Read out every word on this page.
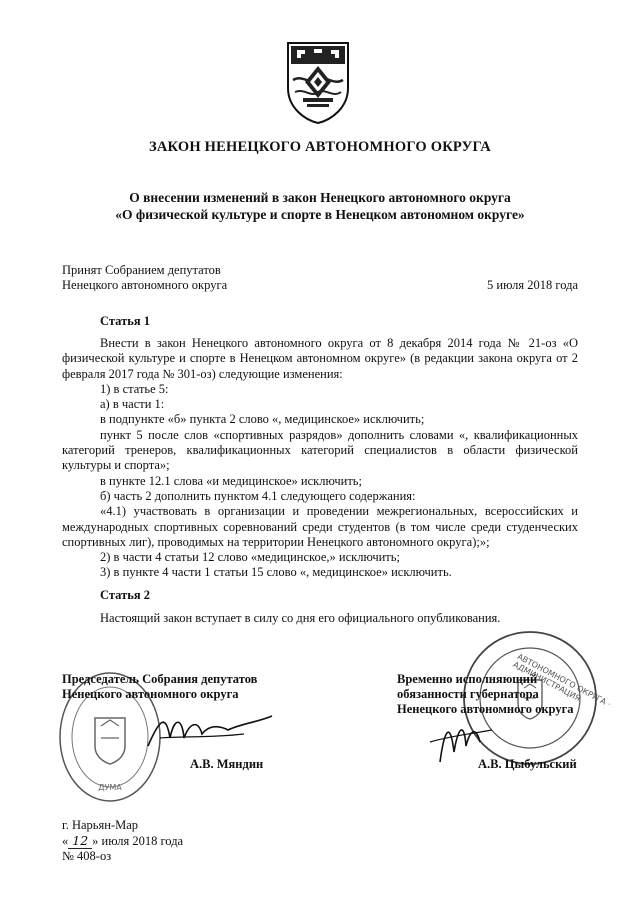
ЗАКОН НЕНЕЦКОГО АВТОНОМНОГО ОКРУГА
О внесении изменений в закон Ненецкого автономного округа
«О физической культуре и спорте в Ненецком автономном округе»
Принят Собранием депутатов
Ненецкого автономного округа	5 июля 2018 года
Статья 1

Внести в закон Ненецкого автономного округа от 8 декабря 2014 года № 21-оз «О физической культуре и спорте в Ненецком автономном округе» (в редакции закона округа от 2 февраля 2017 года № 301-оз) следующие изменения:

1) в статье 5:

а) в части 1:

в подпункте «б» пункта 2 слово «, медицинское» исключить;

пункт 5 после слов «спортивных разрядов» дополнить словами «, квалификационных категорий тренеров, квалификационных категорий специалистов в области физической культуры и спорта»;

в пункте 12.1 слова «и медицинское» исключить;

б) часть 2 дополнить пунктом 4.1 следующего содержания:

«4.1) участвовать в организации и проведении межрегиональных, всероссийских и международных спортивных соревнований среди студентов (в том числе среди студенческих спортивных лиг), проводимых на территории Ненецкого автономного округа);»;

2) в части 4 статьи 12 слово «медицинское,» исключить;

3) в пункте 4 части 1 статьи 15 слово «, медицинское» исключить.

Статья 2

Настоящий закон вступает в силу со дня его официального опубликования.

ДУМА
Председатель Собрания депутатов
Ненецкого автономного округа
А.В. Мяндин
АВТОНОМНОГО ОКРУГА · АДМИНИСТРАЦИЯ
Временно исполняющий
обязанности губернатора
Ненецкого автономного округа
А.В. Цыбульский
г. Нарьян-Мар
« 12 » июля 2018 года
№ 408-оз
